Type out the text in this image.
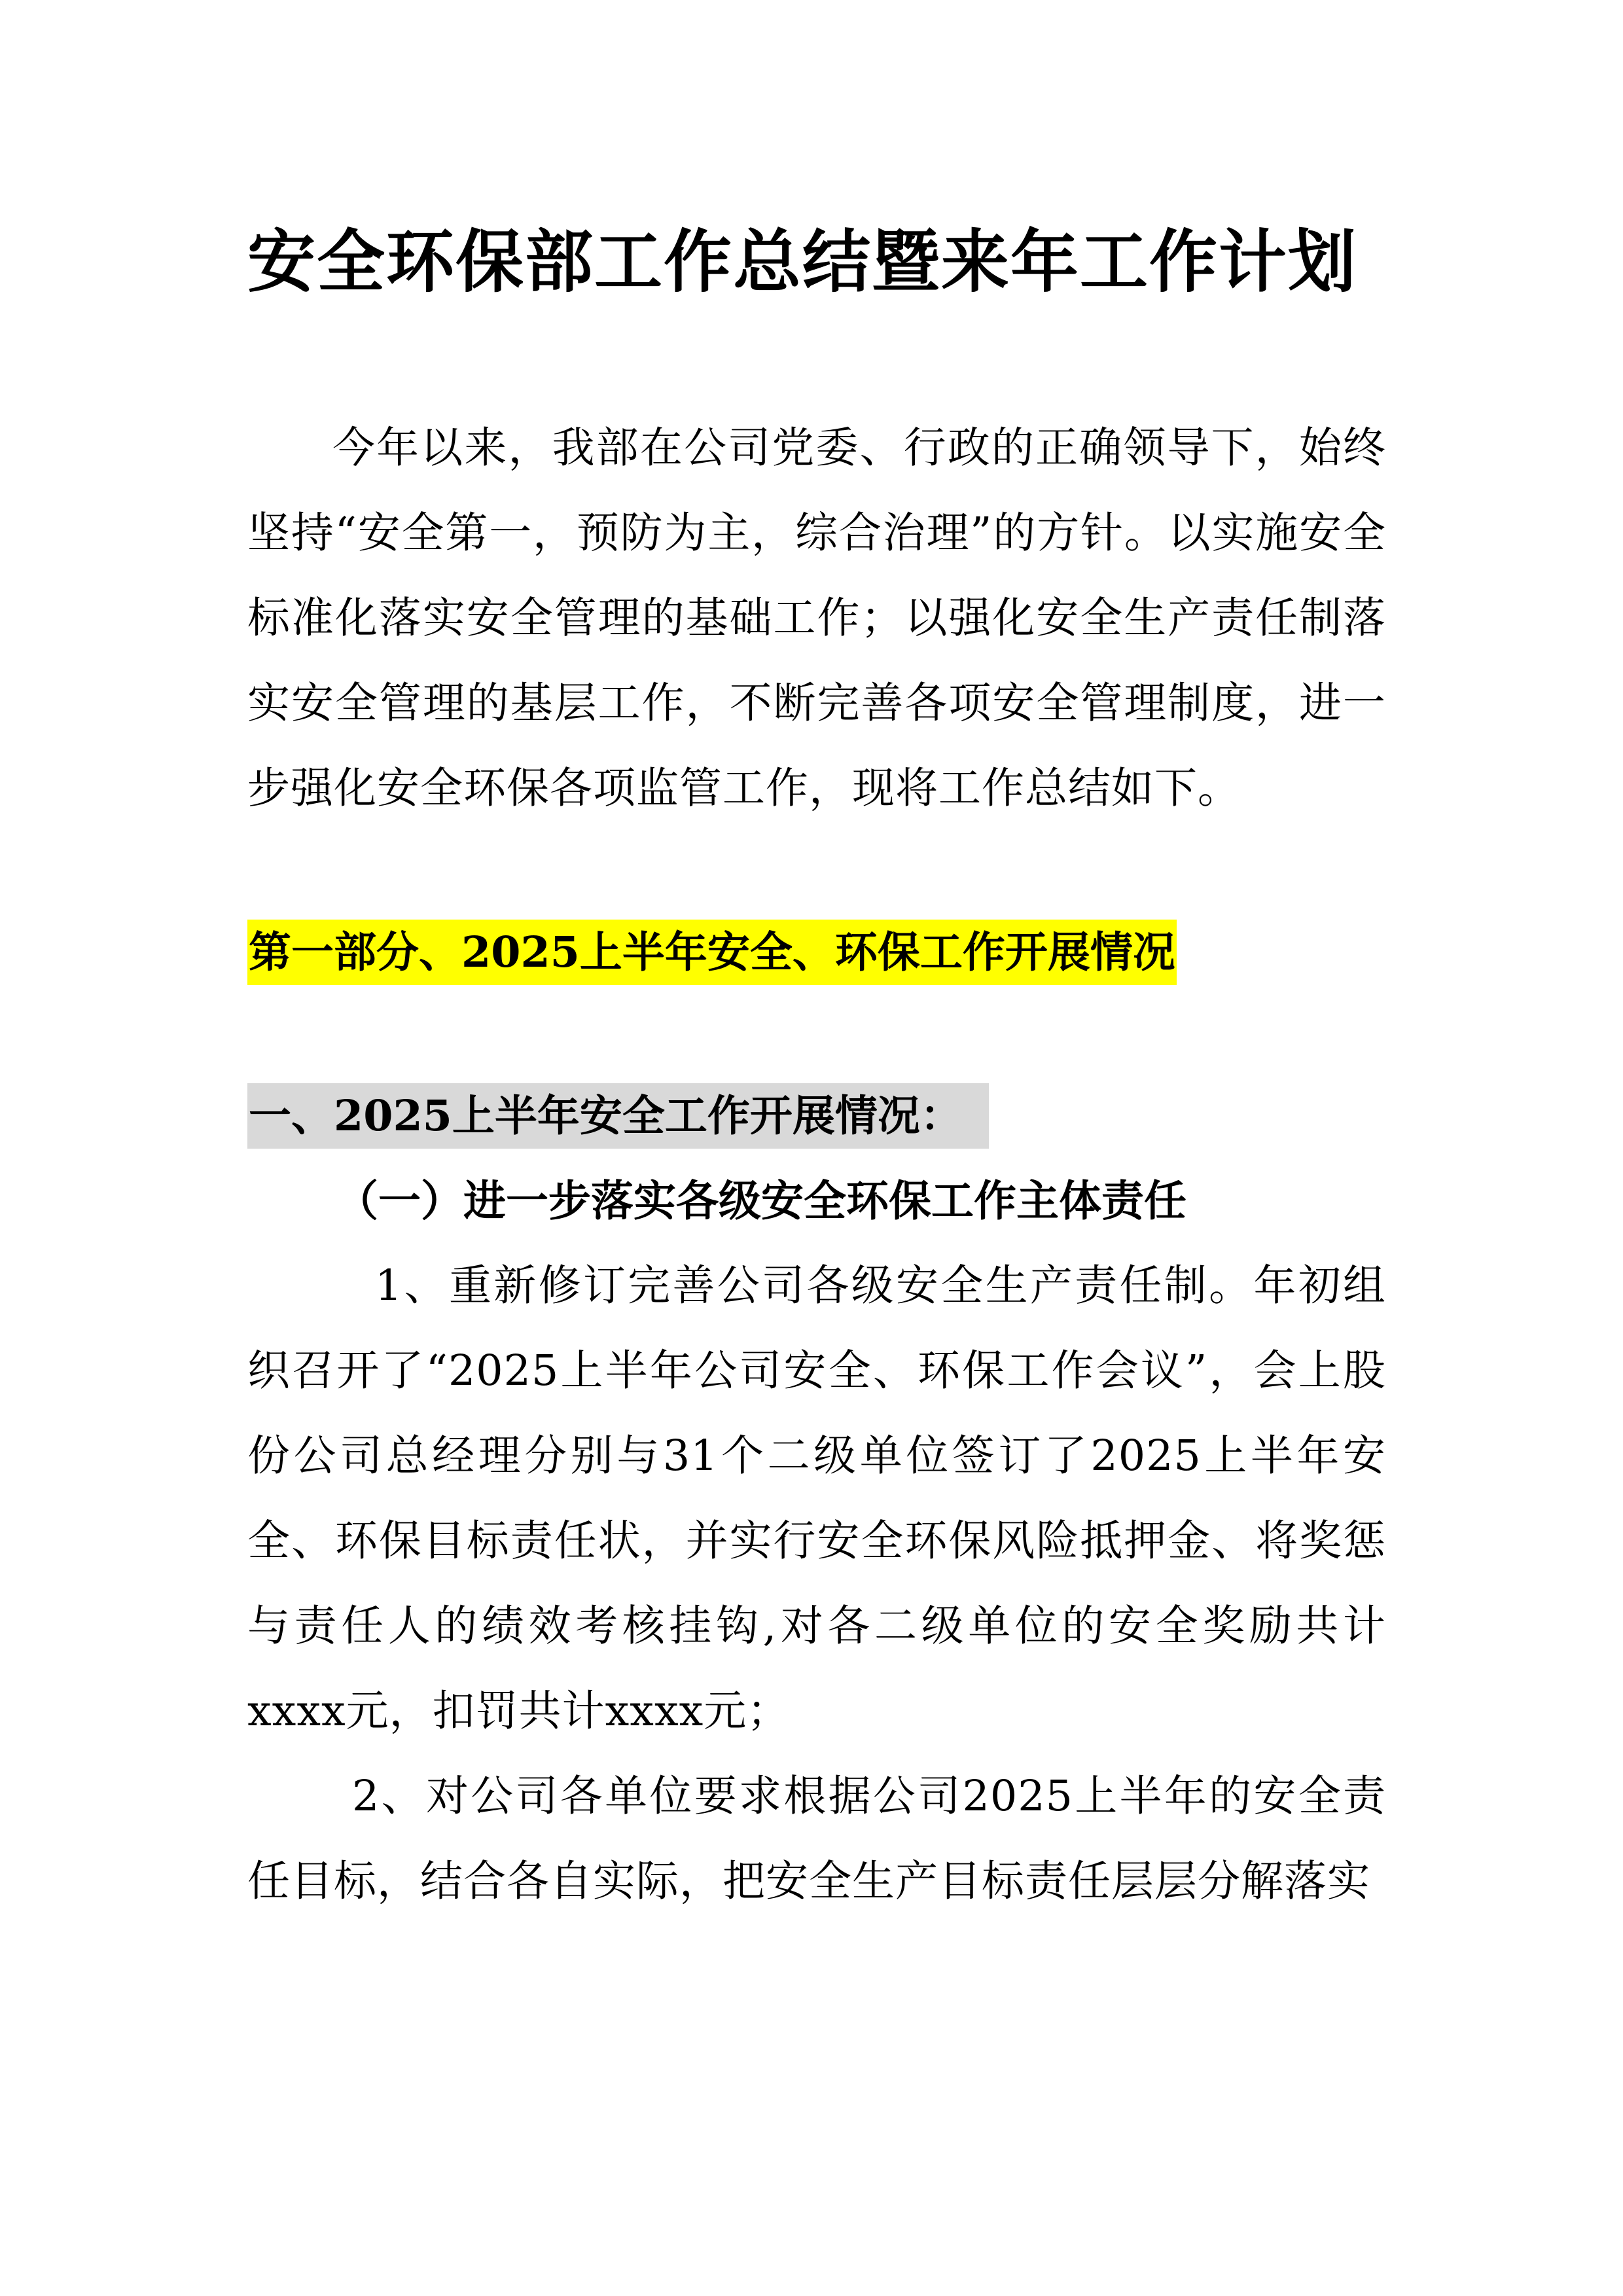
安全环保部工作总结暨来年工作计划

今年以来，我部在公司党委、行政的正确领导下，始终坚持“安全第一，预防为主，综合治理”的方针。以实施安全标准化落实安全管理的基础工作；以强化安全生产责任制落实安全管理的基层工作，不断完善各项安全管理制度，进一步强化安全环保各项监管工作，现将工作总结如下。

第一部分、2025上半年安全、环保工作开展情况
一、2025上半年安全工作开展情况：
（一）进一步落实各级安全环保工作主体责任

1、重新修订完善公司各级安全生产责任制。年初组织召开了“2025上半年公司安全、环保工作会议”，会上股份公司总经理分别与31个二级单位签订了2025上半年安全、环保目标责任状，并实行安全环保风险抵押金、将奖惩与责任人的绩效考核挂钩,对各二级单位的安全奖励共计xxxx元，扣罚共计xxxx元；

2、对公司各单位要求根据公司2025上半年的安全责任目标，结合各自实际，把安全生产目标责任层层分解落实
